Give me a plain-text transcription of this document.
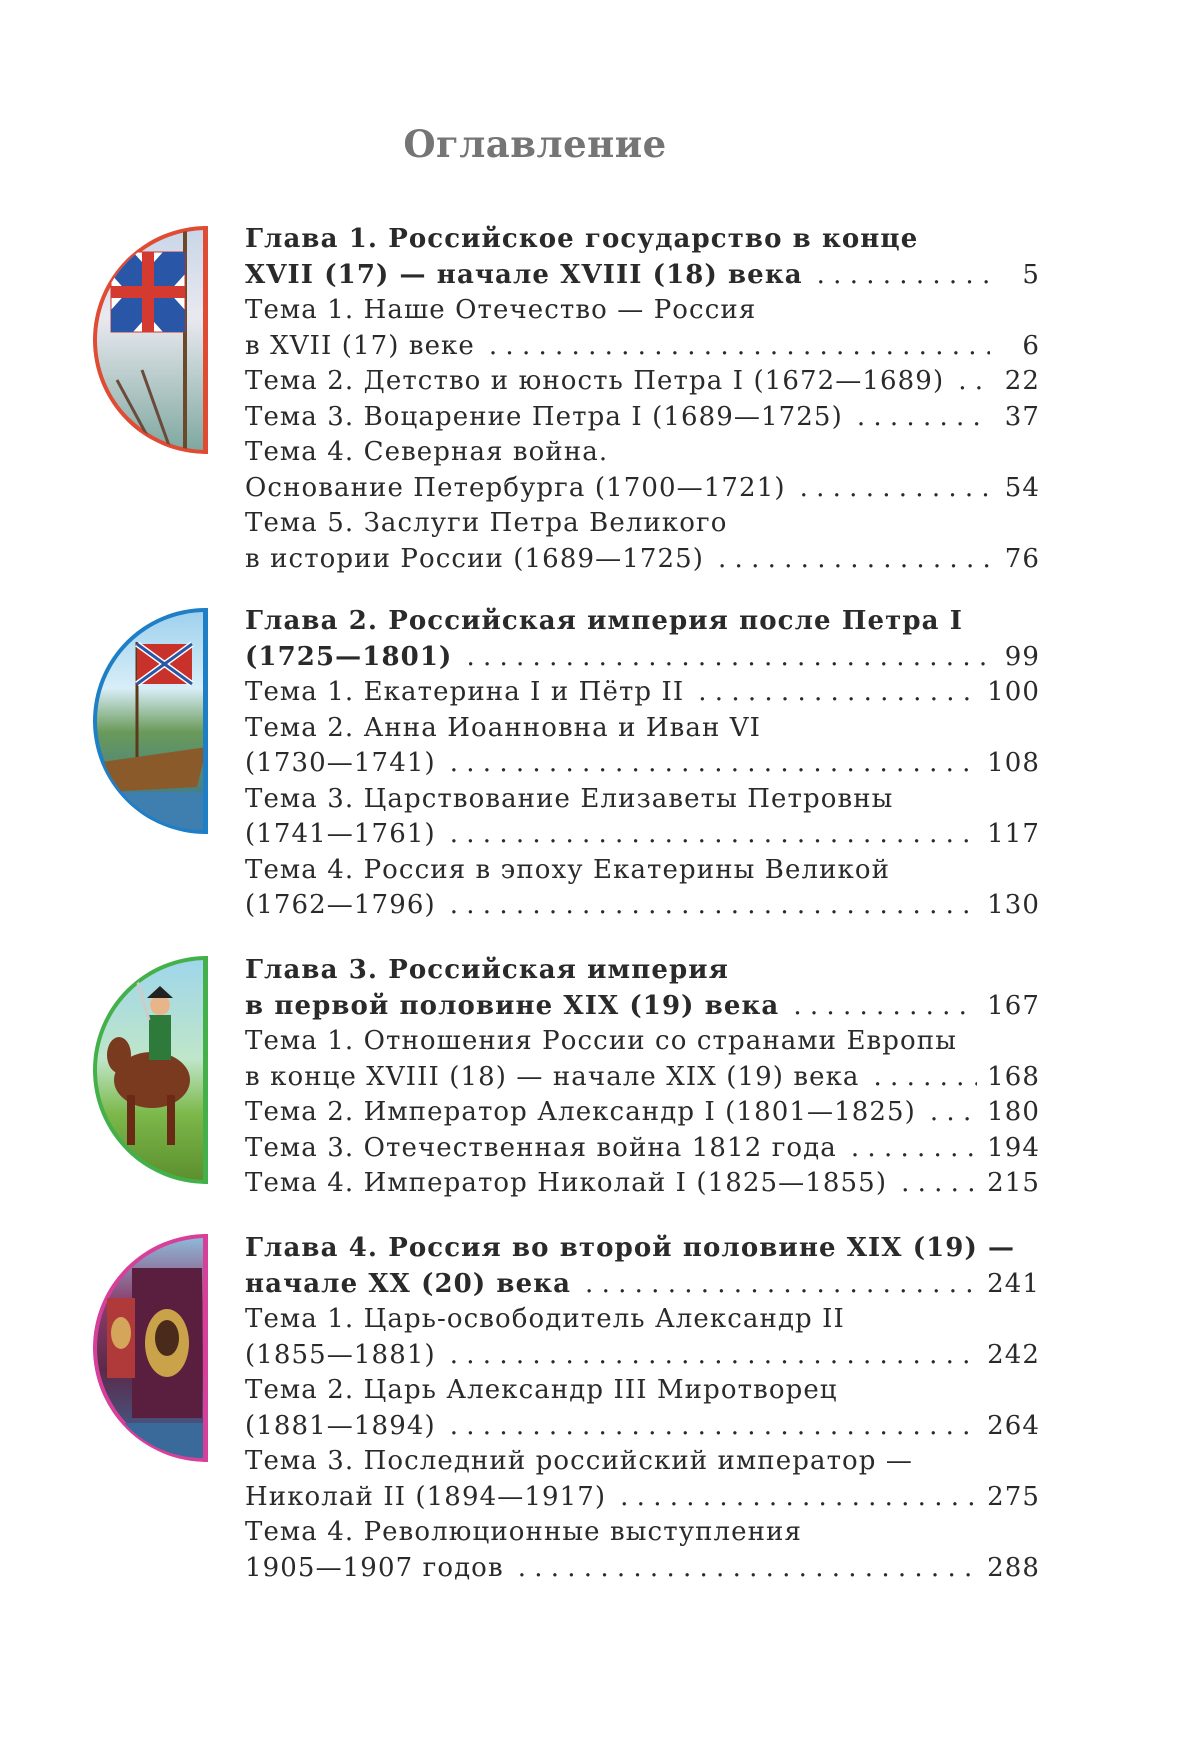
Оглавление
Глава 1. Российское государство в конце
XVII (17) — начале XVIII (18) века . . .	5
Тема 1. Наше Отечество — Россия
в XVII (17) веке . . .	6
Тема 2. Детство и юность Петра I (1672—1689) . . . 22
Тема 3. Воцарение Петра I (1689—1725) . . .	37
Тема 4. Северная война.
Основание Петербурга (1700—1721) . . .	54
Тема 5. Заслуги Петра Великого
в истории России (1689—1725) . . .	76
Глава 2. Российская империя после Петра I
(1725—1801) . . .	99
Тема 1. Екатерина I и Пётр II . . .	100
Тема 2. Анна Иоанновна и Иван VI
(1730—1741) . . .	108
Тема 3. Царствование Елизаветы Петровны
(1741—1761) . . .	117
Тема 4. Россия в эпоху Екатерины Великой
(1762—1796) . . .	130
Глава 3. Российская империя
в первой половине XIX (19) века . . .	167
Тема 1. Отношения России со странами Европы
в конце XVIII (18) — начале XIX (19) века . . .	168
Тема 2. Император Александр I (1801—1825) . . .	180
Тема 3. Отечественная война 1812 года . . .	194
Тема 4. Император Николай I (1825—1855) . . .	215
Глава 4. Россия во второй половине XIX (19) —
начале XX (20) века . . .	241
Тема 1. Царь-освободитель Александр II
(1855—1881) . . .	242
Тема 2. Царь Александр III Миротворец
(1881—1894) . . .	264
Тема 3. Последний российский император —
Николай II (1894—1917) . . .	275
Тема 4. Революционные выступления
1905—1907 годов . . .	288
